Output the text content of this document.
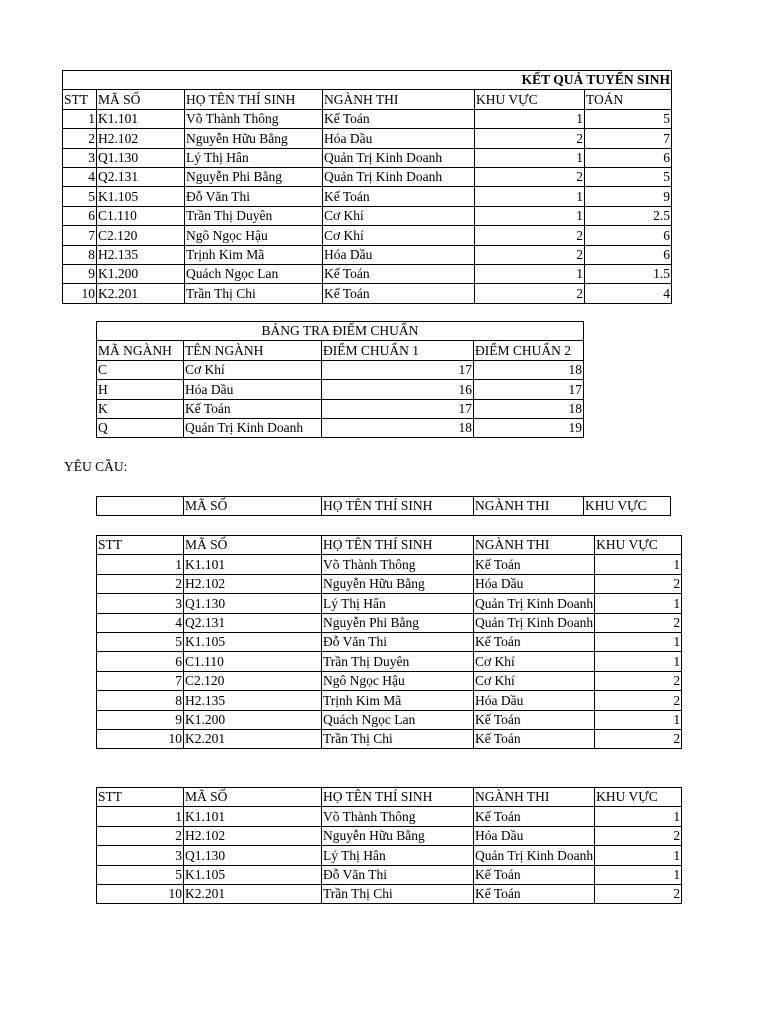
KẾT QUẢ TUYỂN SINH					
STT	MÃ SỐ	HỌ TÊN THÍ SINH	NGÀNH THI	KHU VỰC	TOÁN
1	K1.101	Võ Thành Thông	Kế Toán	1	5
2	H2.102	Nguyễn Hữu Bằng	Hóa Dầu	2	7
3	Q1.130	Lý Thị Hân	Quản Trị Kinh Doanh	1	6
4	Q2.131	Nguyễn Phi Bằng	Quản Trị Kinh Doanh	2	5
5	K1.105	Đỗ Văn Thi	Kế Toán	1	9
6	C1.110	Trần Thị Duyên	Cơ Khí	1	2.5
7	C2.120	Ngô Ngọc Hậu	Cơ Khí	2	6
8	H2.135	Trịnh Kim Mã	Hóa Dầu	2	6
9	K1.200	Quách Ngọc Lan	Kế Toán	1	1.5
10	K2.201	Trần Thị Chi	Kế Toán	2	4
BẢNG TRA ĐIỂM CHUẨN			
MÃ NGÀNH	TÊN NGÀNH	ĐIỂM CHUẨN 1	ĐIỂM CHUẨN 2
C	Cơ Khí	17	18
H	Hóa Dầu	16	17
K	Kế Toán	17	18
Q	Quản Trị Kinh Doanh	18	19
YÊU CẦU:
	MÃ SỐ	HỌ TÊN THÍ SINH	NGÀNH THI	KHU VỰC
STT	MÃ SỐ	HỌ TÊN THÍ SINH	NGÀNH THI	KHU VỰC
1	K1.101	Võ Thành Thông	Kế Toán	1
2	H2.102	Nguyễn Hữu Bằng	Hóa Dầu	2
3	Q1.130	Lý Thị Hân	Quản Trị Kinh Doanh	1
4	Q2.131	Nguyễn Phi Bằng	Quản Trị Kinh Doanh	2
5	K1.105	Đỗ Văn Thi	Kế Toán	1
6	C1.110	Trần Thị Duyên	Cơ Khí	1
7	C2.120	Ngô Ngọc Hậu	Cơ Khí	2
8	H2.135	Trịnh Kim Mã	Hóa Dầu	2
9	K1.200	Quách Ngọc Lan	Kế Toán	1
10	K2.201	Trần Thị Chi	Kế Toán	2
STT	MÃ SỐ	HỌ TÊN THÍ SINH	NGÀNH THI	KHU VỰC
1	K1.101	Võ Thành Thông	Kế Toán	1
2	H2.102	Nguyễn Hữu Bằng	Hóa Dầu	2
3	Q1.130	Lý Thị Hân	Quản Trị Kinh Doanh	1
5	K1.105	Đỗ Văn Thi	Kế Toán	1
10	K2.201	Trần Thị Chi	Kế Toán	2
